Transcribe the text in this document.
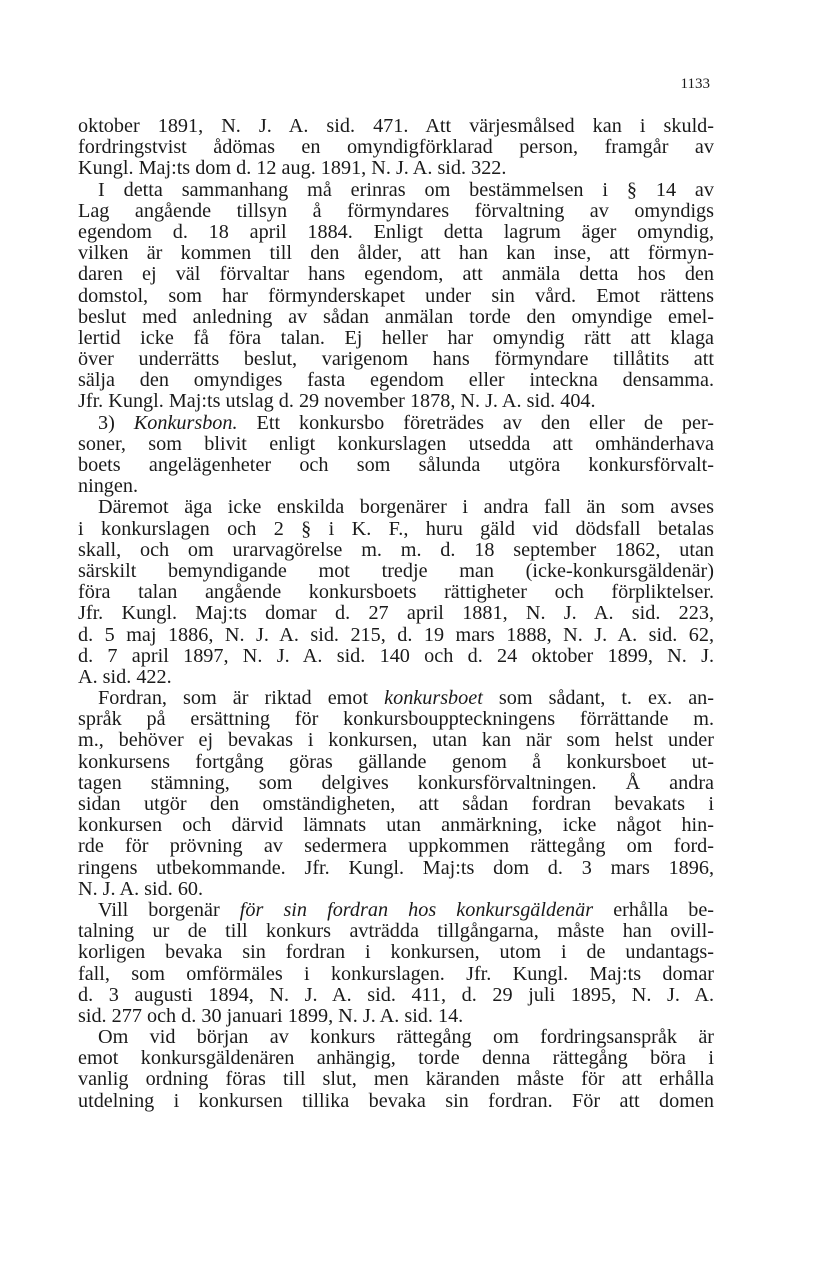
1133
oktober 1891, N. J. A. sid. 471. Att värjesmålsed kan i skuld-
fordringstvist ådömas en omyndigförklarad person, framgår av
Kungl. Maj:ts dom d. 12 aug. 1891, N. J. A. sid. 322.
I detta sammanhang må erinras om bestämmelsen i § 14 av
Lag angående tillsyn å förmyndares förvaltning av omyndigs
egendom d. 18 april 1884. Enligt detta lagrum äger omyndig,
vilken är kommen till den ålder, att han kan inse, att förmyn-
daren ej väl förvaltar hans egendom, att anmäla detta hos den
domstol, som har förmynderskapet under sin vård. Emot rättens
beslut med anledning av sådan anmälan torde den omyndige emel-
lertid icke få föra talan. Ej heller har omyndig rätt att klaga
över underrätts beslut, varigenom hans förmyndare tillåtits att
sälja den omyndiges fasta egendom eller inteckna densamma.
Jfr. Kungl. Maj:ts utslag d. 29 november 1878, N. J. A. sid. 404.
3) Konkursbon. Ett konkursbo företrädes av den eller de per-
soner, som blivit enligt konkurslagen utsedda att omhänderhava
boets angelägenheter och som sålunda utgöra konkursförvalt-
ningen.
Däremot äga icke enskilda borgenärer i andra fall än som avses
i konkurslagen och 2 § i K. F., huru gäld vid dödsfall betalas
skall, och om urarvagörelse m. m. d. 18 september 1862, utan
särskilt bemyndigande mot tredje man (icke-konkursgäldenär)
föra talan angående konkursboets rättigheter och förpliktelser.
Jfr. Kungl. Maj:ts domar d. 27 april 1881, N. J. A. sid. 223,
d. 5 maj 1886, N. J. A. sid. 215, d. 19 mars 1888, N. J. A. sid. 62,
d. 7 april 1897, N. J. A. sid. 140 och d. 24 oktober 1899, N. J.
A. sid. 422.
Fordran, som är riktad emot konkursboet som sådant, t. ex. an-
språk på ersättning för konkursbouppteckningens förrättande m.
m., behöver ej bevakas i konkursen, utan kan när som helst under
konkursens fortgång göras gällande genom å konkursboet ut-
tagen stämning, som delgives konkursförvaltningen. Å andra
sidan utgör den omständigheten, att sådan fordran bevakats i
konkursen och därvid lämnats utan anmärkning, icke något hin-
rde för prövning av sedermera uppkommen rättegång om ford-
ringens utbekommande. Jfr. Kungl. Maj:ts dom d. 3 mars 1896,
N. J. A. sid. 60.
Vill borgenär för sin fordran hos konkursgäldenär erhålla be-
talning ur de till konkurs avträdda tillgångarna, måste han ovill-
korligen bevaka sin fordran i konkursen, utom i de undantags-
fall, som omförmäles i konkurslagen. Jfr. Kungl. Maj:ts domar
d. 3 augusti 1894, N. J. A. sid. 411, d. 29 juli 1895, N. J. A.
sid. 277 och d. 30 januari 1899, N. J. A. sid. 14.
Om vid början av konkurs rättegång om fordringsanspråk är
emot konkursgäldenären anhängig, torde denna rättegång böra i
vanlig ordning föras till slut, men käranden måste för att erhålla
utdelning i konkursen tillika bevaka sin fordran. För att domen
